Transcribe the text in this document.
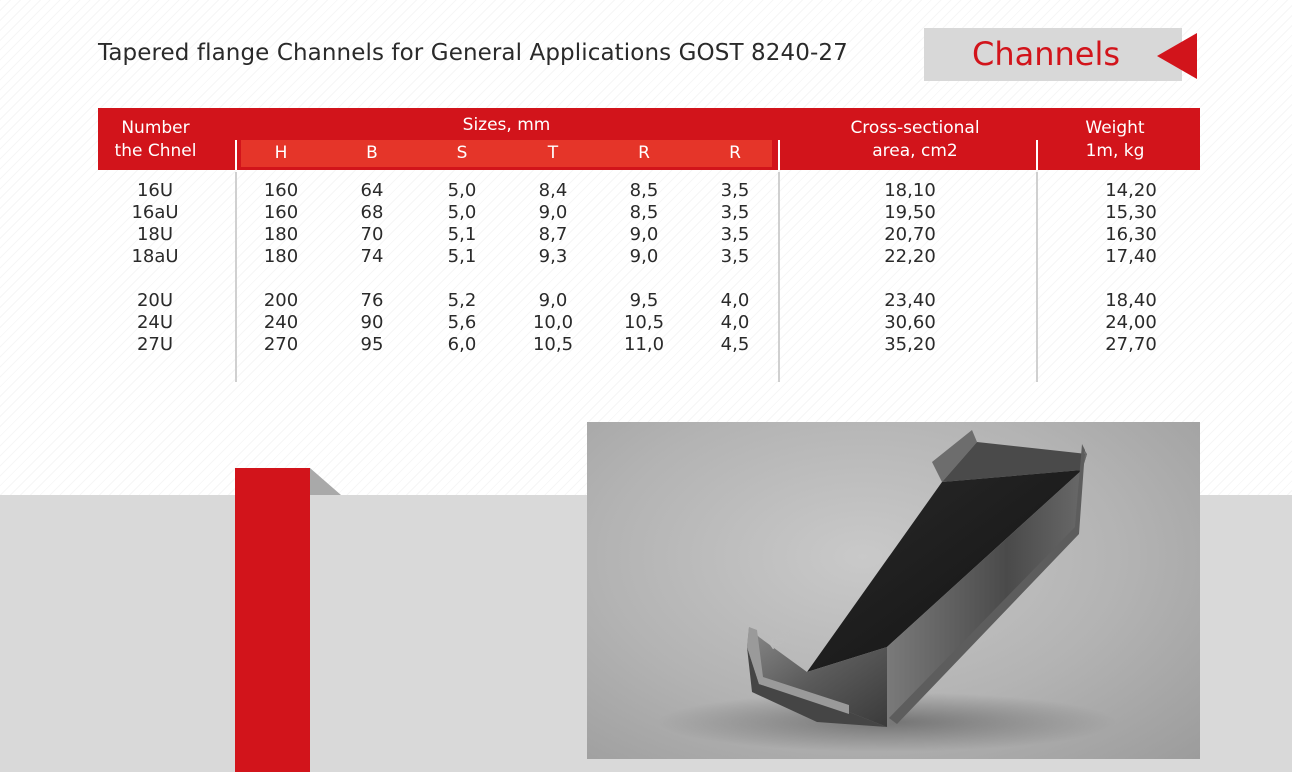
Tapered flange Channels for General Applications GOST 8240-27	Channels
Number
the Chnel
Sizes, mm	Cross-sectional
area, cm2
Weight
1m, kg
H	B	S	T	R	R
16U	160	64	5,0	8,4	8,5	3,5	18,10	14,20
16aU	160	68	5,0	9,0	8,5	3,5	19,50	15,30
18U	180	70	5,1	8,7	9,0	3,5	20,70	16,30
18aU	180	74	5,1	9,3	9,0	3,5	22,20	17,40
20U	200	76	5,2	9,0	9,5	4,0	23,40	18,40
24U	240	90	5,6	10,0	10,5	4,0	30,60	24,00
27U	270	95	6,0	10,5	11,0	4,5	35,20	27,70
KSM
